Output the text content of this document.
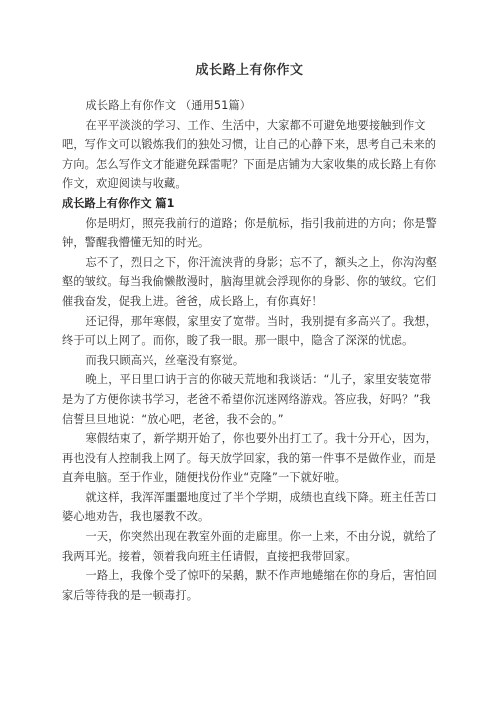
成长路上有你作文

成长路上有你作文 （通用51篇）

在平平淡淡的学习、工作、生活中，大家都不可避免地要接触到作文吧，写作文可以锻炼我们的独处习惯，让自己的心静下来，思考自己未来的方向。怎么写作文才能避免踩雷呢？下面是店铺为大家收集的成长路上有你作文，欢迎阅读与收藏。

成长路上有你作文 篇1

你是明灯，照亮我前行的道路；你是航标，指引我前进的方向；你是警钟，警醒我懵懂无知的时光。

忘不了，烈日之下，你汗流浃背的身影；忘不了，额头之上，你沟沟壑壑的皱纹。每当我偷懒散漫时，脑海里就会浮现你的身影、你的皱纹。它们催我奋发，促我上进。爸爸，成长路上，有你真好！

还记得，那年寒假，家里安了宽带。当时，我别提有多高兴了。我想，终于可以上网了。而你，睃了我一眼。那一眼中，隐含了深深的忧虑。

而我只顾高兴，丝毫没有察觉。

晚上，平日里口讷于言的你破天荒地和我谈话：“儿子，家里安装宽带是为了方便你读书学习，老爸不希望你沉迷网络游戏。答应我，好吗？”我信誓旦旦地说：“放心吧，老爸，我不会的。”

寒假结束了，新学期开始了，你也要外出打工了。我十分开心，因为，再也没有人控制我上网了。每天放学回家，我的第一件事不是做作业，而是直奔电脑。至于作业，随便找份作业“克隆”一下就好啦。

就这样，我浑浑噩噩地度过了半个学期，成绩也直线下降。班主任苦口婆心地劝告，我也屡教不改。

一天，你突然出现在教室外面的走廊里。你一上来，不由分说，就给了我两耳光。接着，领着我向班主任请假，直接把我带回家。

一路上，我像个受了惊吓的呆鹅，默不作声地蜷缩在你的身后，害怕回家后等待我的是一顿毒打。
